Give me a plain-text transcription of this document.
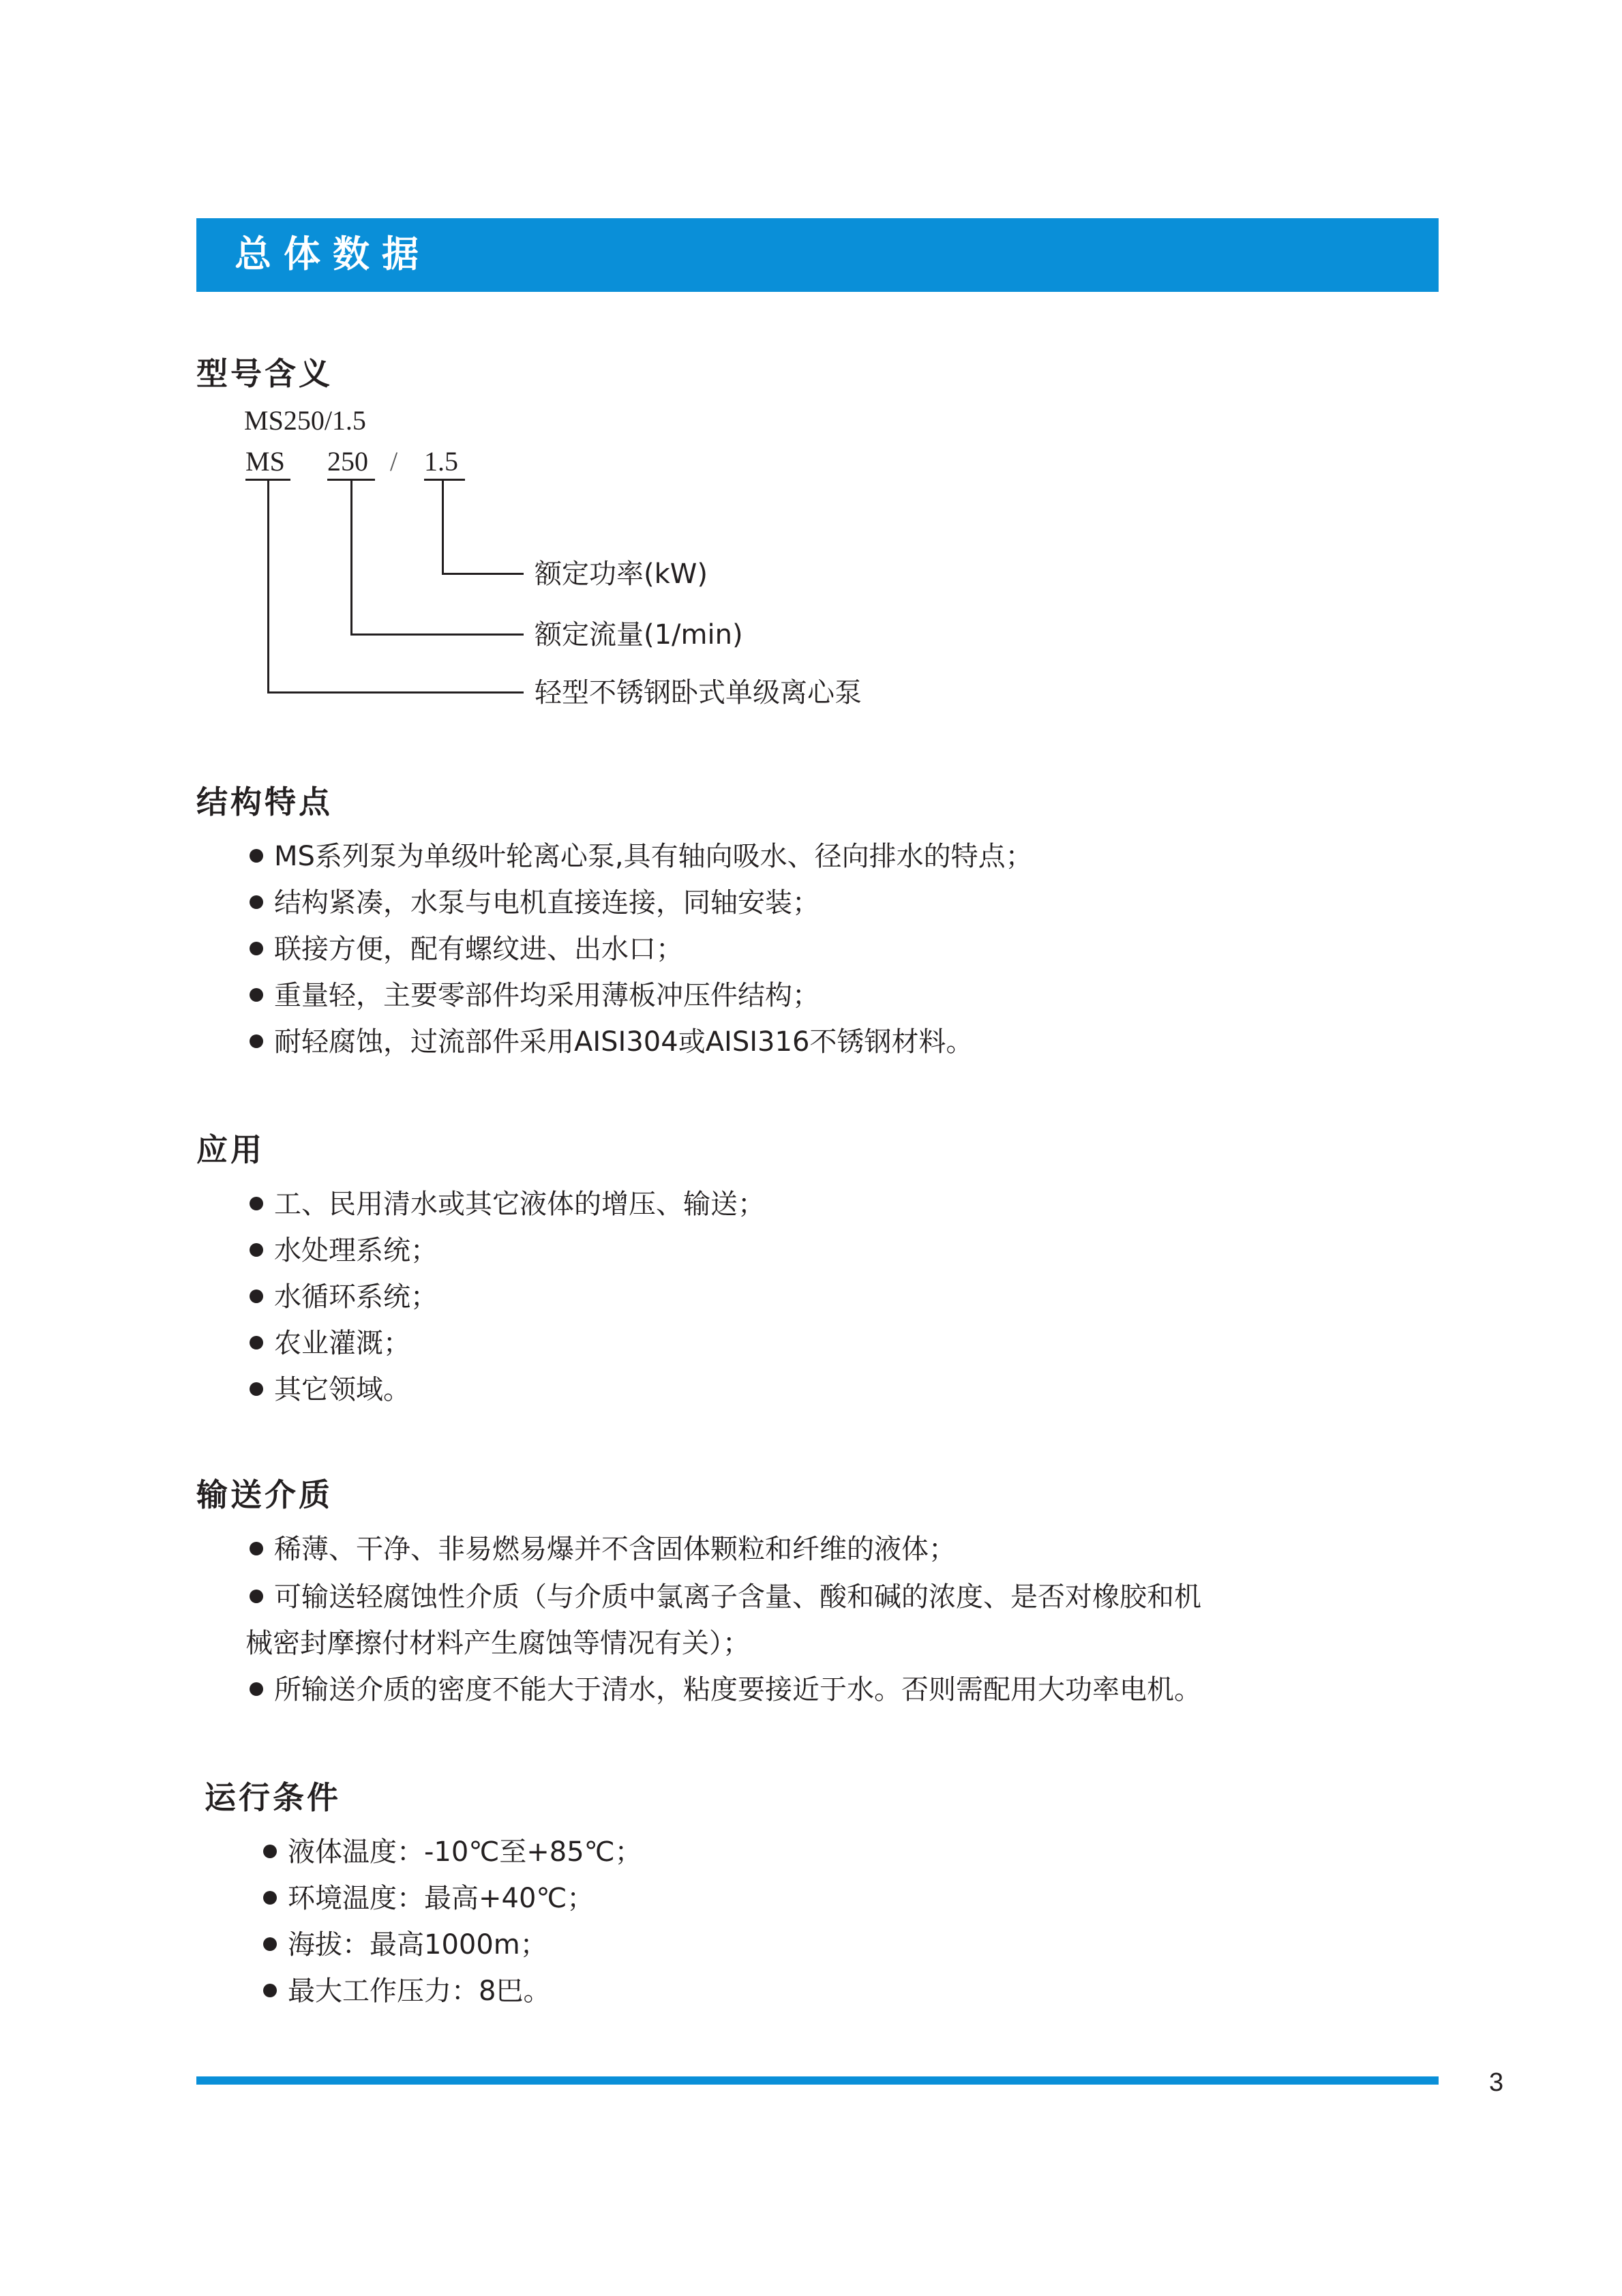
总体数据
型号含义
MS250/1.5
MS 250 / 1.5
额定功率(kW)
额定流量(1/min)
轻型不锈钢卧式单级离心泵
结构特点
MS系列泵为单级叶轮离心泵,具有轴向吸水、径向排水的特点；
结构紧凑，水泵与电机直接连接，同轴安装；
联接方便，配有螺纹进、出水口；
重量轻，主要零部件均采用薄板冲压件结构；
耐轻腐蚀，过流部件采用AISI304或AISI316不锈钢材料。
应用
工、民用清水或其它液体的增压、输送；
水处理系统；
水循环系统；
农业灌溉；
其它领域。
输送介质
稀薄、干净、非易燃易爆并不含固体颗粒和纤维的液体；
可输送轻腐蚀性介质（与介质中氯离子含量、酸和碱的浓度、是否对橡胶和机
械密封摩擦付材料产生腐蚀等情况有关）；
所输送介质的密度不能大于清水，粘度要接近于水。否则需配用大功率电机。
运行条件
液体温度：-10℃至+85℃；
环境温度：最高+40℃；
海拔：最高1000m；
最大工作压力：8巴。
3
